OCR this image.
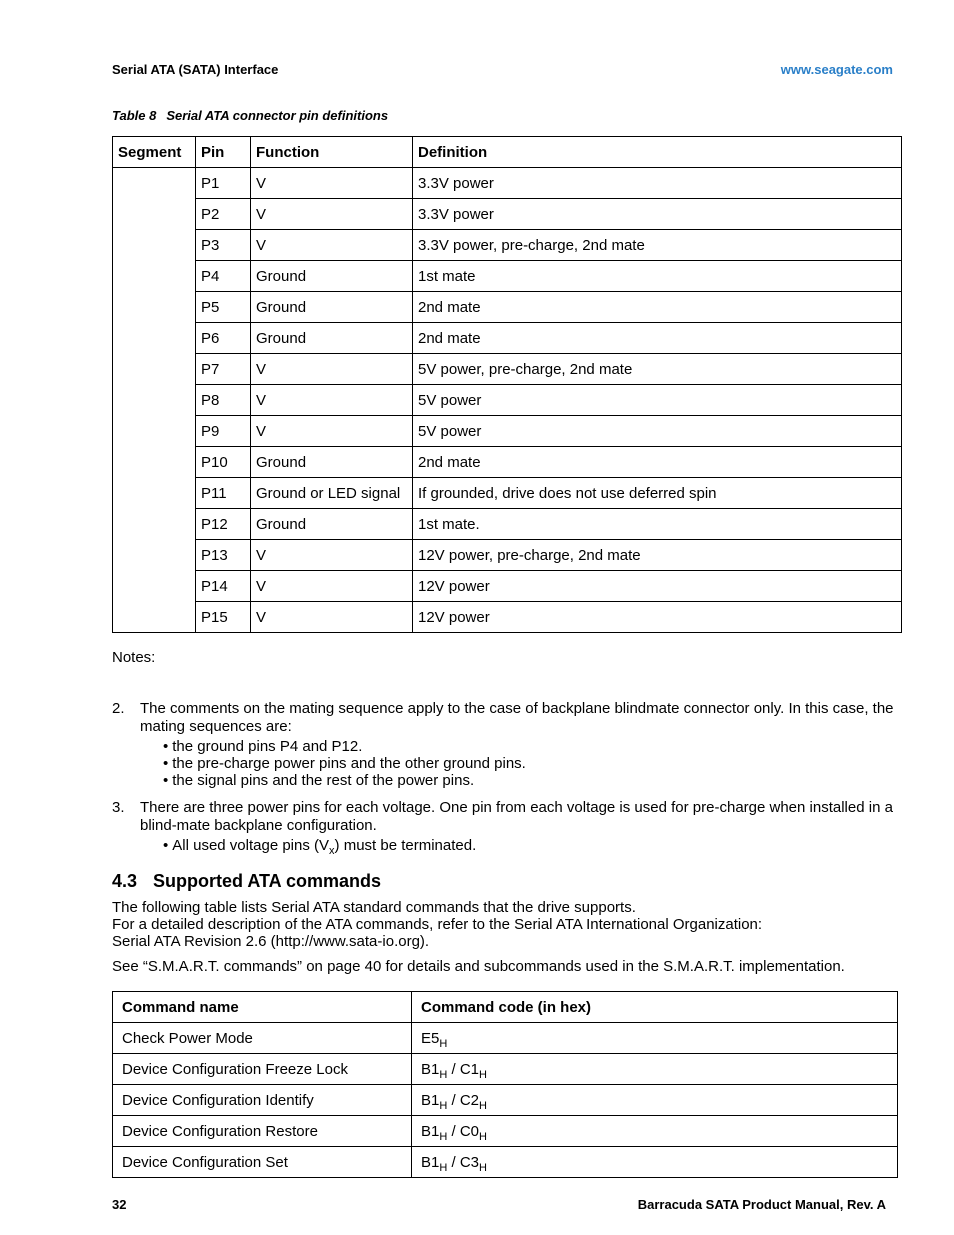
Serial ATA (SATA) Interface	www.seagate.com
Table 8 Serial ATA connector pin definitions
Segment	Pin	Function	Definition
	P1	V	3.3V power
	P2	V	3.3V power
	P3	V	3.3V power, pre-charge, 2nd mate
	P4	Ground	1st mate
	P5	Ground	2nd mate
	P6	Ground	2nd mate
	P7	V	5V power, pre-charge, 2nd mate
	P8	V	5V power
	P9	V	5V power
	P10	Ground	2nd mate
	P11	Ground or LED signal	If grounded, drive does not use deferred spin
	P12	Ground	1st mate.
	P13	V	12V power, pre-charge, 2nd mate
	P14	V	12V power
	P15	V	12V power
Notes:
2. The comments on the mating sequence apply to the case of backplane blindmate connector only. In this case, the mating sequences are:
• the ground pins P4 and P12.
• the pre-charge power pins and the other ground pins.
• the signal pins and the rest of the power pins.
3. There are three power pins for each voltage. One pin from each voltage is used for pre-charge when installed in a blind-mate backplane configuration.
• All used voltage pins $(V_x)$ must be terminated.
4.3 Supported ATA commands
The following table lists Serial ATA standard commands that the drive supports.
For a detailed description of the ATA commands, refer to the Serial ATA International Organization:
Serial ATA Revision 2.6 (http://www.sata-io.org).
See “S.M.A.R.T. commands” on page 40 for details and subcommands used in the S.M.A.R.T. implementation.
Command name	Command code (in hex)
Check Power Mode	$E5_H$
Device Configuration Freeze Lock	$B1_H / C1_H$
Device Configuration Identify	$B1_H / C2_H$
Device Configuration Restore	$B1_H / C0_H$
Device Configuration Set	$B1_H / C3_H$
32	Barracuda SATA Product Manual, Rev. A
